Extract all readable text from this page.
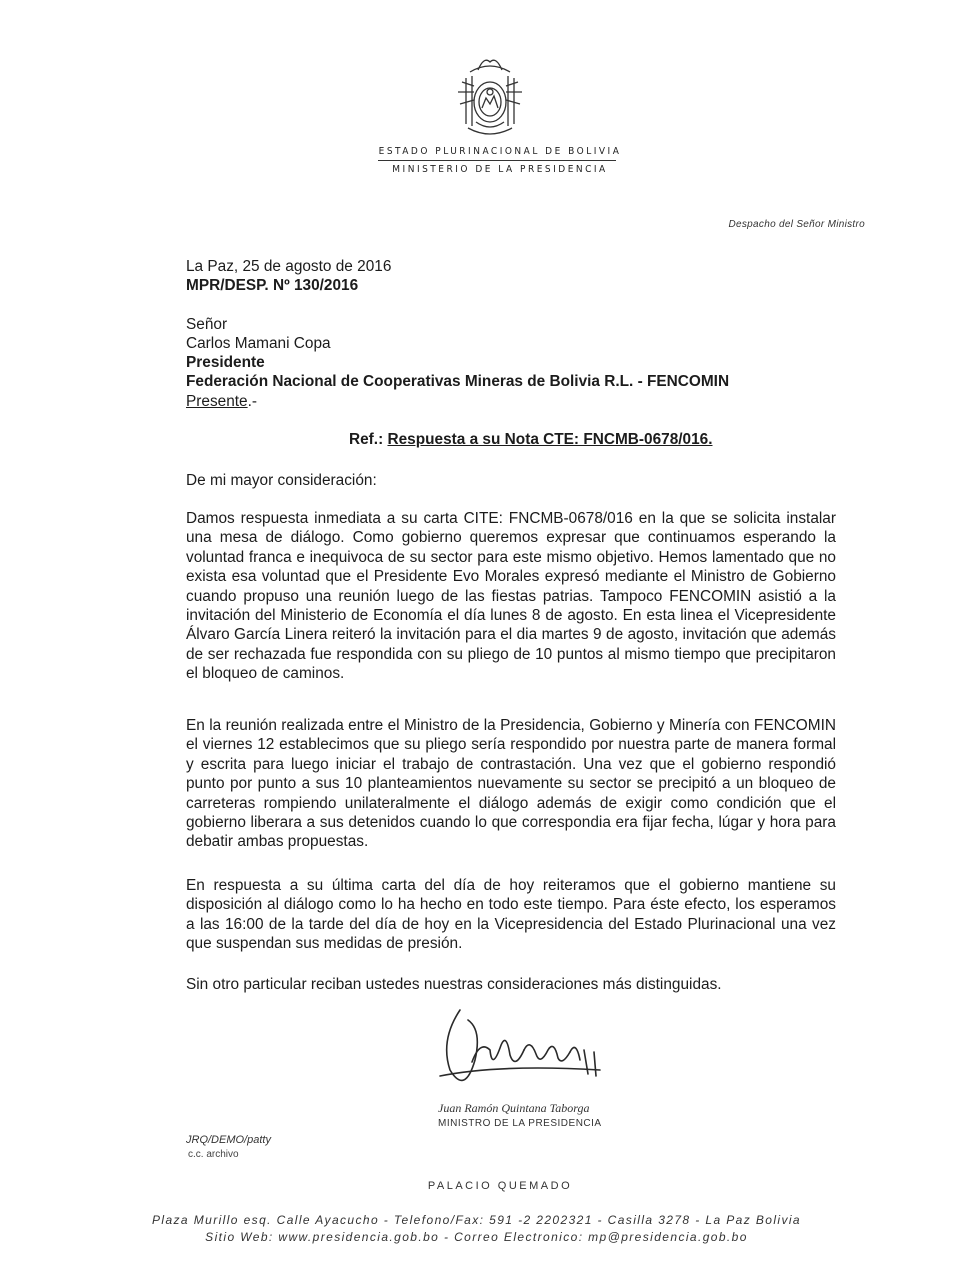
ESTADO PLURINACIONAL DE BOLIVIA
MINISTERIO DE LA PRESIDENCIA
Despacho del Señor Ministro
La Paz, 25 de agosto de 2016
MPR/DESP. Nº 130/2016
Señor
Carlos Mamani Copa
Presidente
Federación Nacional de Cooperativas Mineras de Bolivia R.L. - FENCOMIN
Presente.-
Ref.: Respuesta a su Nota CTE: FNCMB-0678/016.
De mi mayor consideración:

Damos respuesta inmediata a su carta CITE: FNCMB-0678/016 en la que se solicita instalar una mesa de diálogo. Como gobierno queremos expresar que continuamos esperando la voluntad franca e inequivoca de su sector para este mismo objetivo. Hemos lamentado que no exista esa voluntad que el Presidente Evo Morales expresó mediante el Ministro de Gobierno cuando propuso una reunión luego de las fiestas patrias. Tampoco FENCOMIN asistió a la invitación del Ministerio de Economía el día lunes 8 de agosto. En esta linea el Vicepresidente Álvaro García Linera reiteró la invitación para el dia martes 9 de agosto, invitación que además de ser rechazada fue respondida con su pliego de 10 puntos al mismo tiempo que precipitaron el bloqueo de caminos.

En la reunión realizada entre el Ministro de la Presidencia, Gobierno y Minería con FENCOMIN el viernes 12 establecimos que su pliego sería respondido por nuestra parte de manera formal y escrita para luego iniciar el trabajo de contrastación. Una vez que el gobierno respondió punto por punto a sus 10 planteamientos nuevamente su sector se precipitó a un bloqueo de carreteras rompiendo unilateralmente el diálogo además de exigir como condición que el gobierno liberara a sus detenidos cuando lo que correspondia era fijar fecha, lúgar y hora para debatir ambas propuestas.

En respuesta a su última carta del día de hoy reiteramos que el gobierno mantiene su disposición al diálogo como lo ha hecho en todo este tiempo. Para éste efecto, los esperamos a las 16:00 de la tarde del día de hoy en la Vicepresidencia del Estado Plurinacional una vez que suspendan sus medidas de presión.

Sin otro particular reciban ustedes nuestras consideraciones más distinguidas.
Juan Ramón Quintana Taborga
MINISTRO DE LA PRESIDENCIA
JRQ/DEMO/patty
c.c. archivo
PALACIO QUEMADO
Plaza Murillo esq. Calle Ayacucho - Telefono/Fax: 591 -2 2202321 - Casilla 3278 - La Paz Bolivia
Sitio Web: www.presidencia.gob.bo - Correo Electronico: mp@presidencia.gob.bo
